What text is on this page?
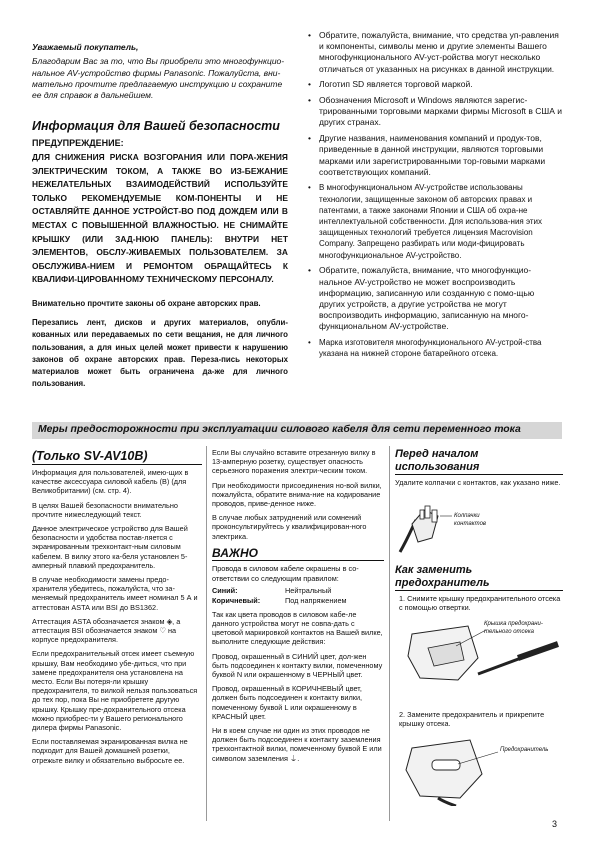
Уважаемый покупатель,

Благодарим Вас за то, что Вы приобрели это многофункцио-нальное AV-устройство фирмы Panasonic. Пожалуйста, вни-мательно прочтите предлагаемую инструкцию и сохраните ее для справок в дальнейшем.

Информация для Вашей безопасности

ПРЕДУПРЕЖДЕНИЕ:

ДЛЯ СНИЖЕНИЯ РИСКА ВОЗГОРАНИЯ ИЛИ ПОРА-ЖЕНИЯ ЭЛЕКТРИЧЕСКИМ ТОКОМ, А ТАКЖЕ ВО ИЗ-БЕЖАНИЕ НЕЖЕЛАТЕЛЬНЫХ ВЗАИМОДЕЙСТВИЙ ИСПОЛЬЗУЙТЕ ТОЛЬКО РЕКОМЕНДУЕМЫЕ КОМ-ПОНЕНТЫ И НЕ ОСТАВЛЯЙТЕ ДАННОЕ УСТРОЙСТ-ВО ПОД ДОЖДЕМ ИЛИ В МЕСТАХ С ПОВЫШЕННОЙ ВЛАЖНОСТЬЮ. НЕ СНИМАЙТЕ КРЫШКУ (ИЛИ ЗАД-НЮЮ ПАНЕЛЬ): ВНУТРИ НЕТ ЭЛЕМЕНТОВ, ОБСЛУ-ЖИВАЕМЫХ ПОЛЬЗОВАТЕЛЕМ. ЗА ОБСЛУЖИВА-НИЕМ И РЕМОНТОМ ОБРАЩАЙТЕСЬ К КВАЛИФИ-ЦИРОВАННОМУ ТЕХНИЧЕСКОМУ ПЕРСОНАЛУ.

Внимательно прочтите законы об охране авторских прав.

Перезапись лент, дисков и других материалов, опубли-кованных или передаваемых по сети вещания, не для личного пользования, а для иных целей может привести к нарушению законов об охране авторских прав. Переза-пись некоторых материалов может быть ограничена да-же для личного пользования.

• Обратите, пожалуйста, внимание, что средства уп-равления и компоненты, символы меню и другие элементы Вашего многофункционального AV-уст-ройства могут несколько отличаться от указанных на рисунках в данной инструкции.

• Логотип SD является торговой маркой.

• Обозначения Microsoft и Windows являются зарегис-трированными торговыми марками фирмы Microsoft в США и других странах.

• Другие названия, наименования компаний и продук-тов, приведенные в данной инструкции, являются торговыми марками или зарегистрированными тор-говыми марками соответствующих компаний.

• В многофункциональном AV-устройстве использованы технологии, защищенные законом об авторских правах и патентами, а также законами Японии и США об охра-не интеллектуальной собственности. Для использова-ния этих защищенных технологий требуется лицензия Macrovision Company. Запрещено разбирать или моди-фицировать многофункциональное AV-устройство.

• Обратите, пожалуйста, внимание, что многофункцио-нальное AV-устройство не может воспроизводить информацию, записанную или созданную с помо-щью других устройств, а другие устройства не могут воспроизводить информацию, записанную на много-функциональном AV-устройстве.

• Марка изготовителя многофункционального AV-устрой-ства указана на нижней стороне батарейного отсека.

Меры предосторожности при эксплуатации силового кабеля для сети переменного тока

(Только SV-AV10B)

Информация для пользователей, имею-щих в качестве аксессуара силовой кабель (B) (для Великобритании) (см. стр. 4).

В целях Вашей безопасности внимательно прочтите нижеследующий текст.

Данное электрическое устройство для Вашей безопасности и удобства постав-ляется с экранированным трехконтакт-ным силовым кабелем. В вилку этого ка-беля установлен 5-амперный плавкий предохранитель.

В случае необходимости замены предо-хранителя убедитесь, пожалуйста, что за-меняемый предохранитель имеет номинал 5 А и аттестован ASTA или BSI до BS1362.

Аттестация ASTA обозначается знаком ◈, а аттестация BSI обозначается знаком ♡ на корпусе предохранителя.

Если предохранительный отсек имеет съемную крышку, Вам необходимо убе-диться, что при замене предохранителя она установлена на место. Если Вы потеря-ли крышку предохранителя, то вилкой нельзя пользоваться до тех пор, пока Вы не приобретете другую крышку. Крышку пре-дохранительного отсека можно приобрес-ти у Вашего регионального дилера фирмы Panasonic.

Если поставляемая экранированная вилка не подходит для Вашей домашней розетки, отрежьте вилку и обязательно выбросьте ее.

Если Вы случайно вставите отрезанную вилку в 13-амперную розетку, существует опасность серьезного поражения электри-ческим током.

При необходимости присоединения но-вой вилки, пожалуйста, обратите внима-ние на кодирование проводов, приве-денное ниже.

В случае любых затруднений или сомнений проконсультируйтесь у квалифицирован-ного электрика.

ВАЖНО

Провода в силовом кабеле окрашены в со-ответствии со следующим правилом:

Синий:	Нейтральный
Коричневый:	Под напряжением

Так как цвета проводов в силовом кабе-ле данного устройства могут не совпа-дать с цветовой маркировкой контактов на Вашей вилке, выполните следующие действия:

Провод, окрашенный в СИНИЙ цвет, дол-жен быть подсоединен к контакту вилки, помеченному буквой N или окрашенному в ЧЕРНЫЙ цвет.

Провод, окрашенный в КОРИЧНЕВЫЙ цвет, должен быть подсоединен к контакту вилки, помеченному буквой L или окрашенному в КРАСНЫЙ цвет.

Ни в коем случае ни один из этих проводов не должен быть подсоединен к контакту заземления трехконтактной вилки, помеченному буквой Е или символом заземления ⏚.

Перед началом использования

Удалите колпачки с контактов, как указано ниже.

Колпачки контактов

Как заменить предохранитель

1. Снимите крышку предохранительного отсека с помощью отвертки.

Крышка предохрани-тельного отсека

2. Замените предохранитель и прикрепите крышку отсека.

Предохранитель
3
